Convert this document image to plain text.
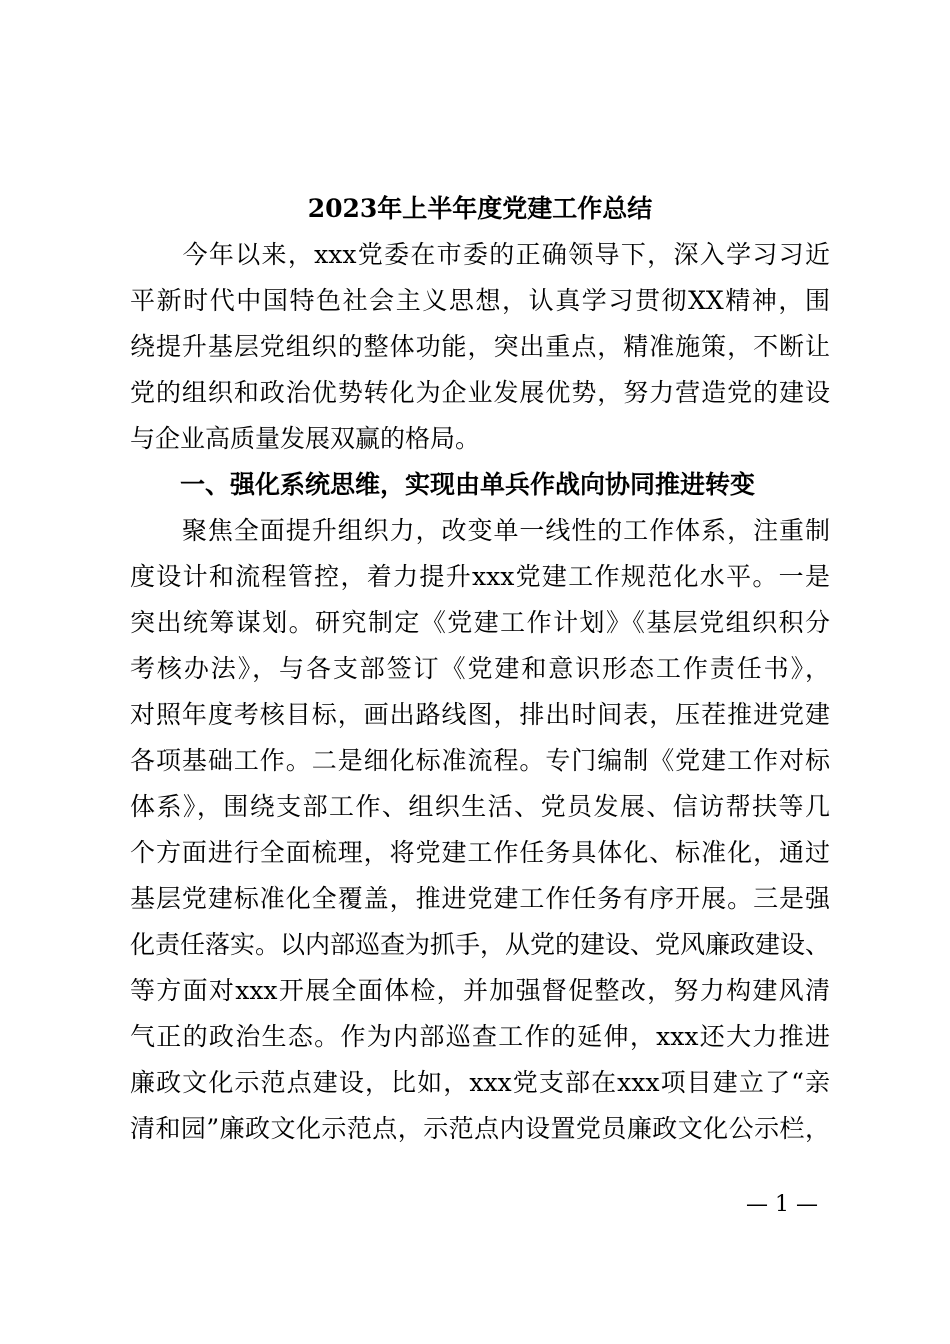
2023年上半年度党建工作总结
　　今年以来，xxx党委在市委的正确领导下，深入学习习近
平新时代中国特色社会主义思想，认真学习贯彻XX精神，围
绕提升基层党组织的整体功能，突出重点，精准施策，不断让
党的组织和政治优势转化为企业发展优势，努力营造党的建设
与企业高质量发展双赢的格局。
　　一、强化系统思维，实现由单兵作战向协同推进转变
　　聚焦全面提升组织力，改变单一线性的工作体系，注重制
度设计和流程管控，着力提升xxx党建工作规范化水平。一是
突出统筹谋划。研究制定《党建工作计划》《基层党组织积分
考核办法》，与各支部签订《党建和意识形态工作责任书》，
对照年度考核目标，画出路线图，排出时间表，压茬推进党建
各项基础工作。二是细化标准流程。专门编制《党建工作对标
体系》，围绕支部工作、组织生活、党员发展、信访帮扶等几
个方面进行全面梳理，将党建工作任务具体化、标准化，通过
基层党建标准化全覆盖，推进党建工作任务有序开展。三是强
化责任落实。以内部巡查为抓手，从党的建设、党风廉政建设、
等方面对xxx开展全面体检，并加强督促整改，努力构建风清
气正的政治生态。作为内部巡查工作的延伸，xxx还大力推进
廉政文化示范点建设，比如，xxx党支部在xxx项目建立了“亲
清和园”廉政文化示范点，示范点内设置党员廉政文化公示栏，
— 1 —
